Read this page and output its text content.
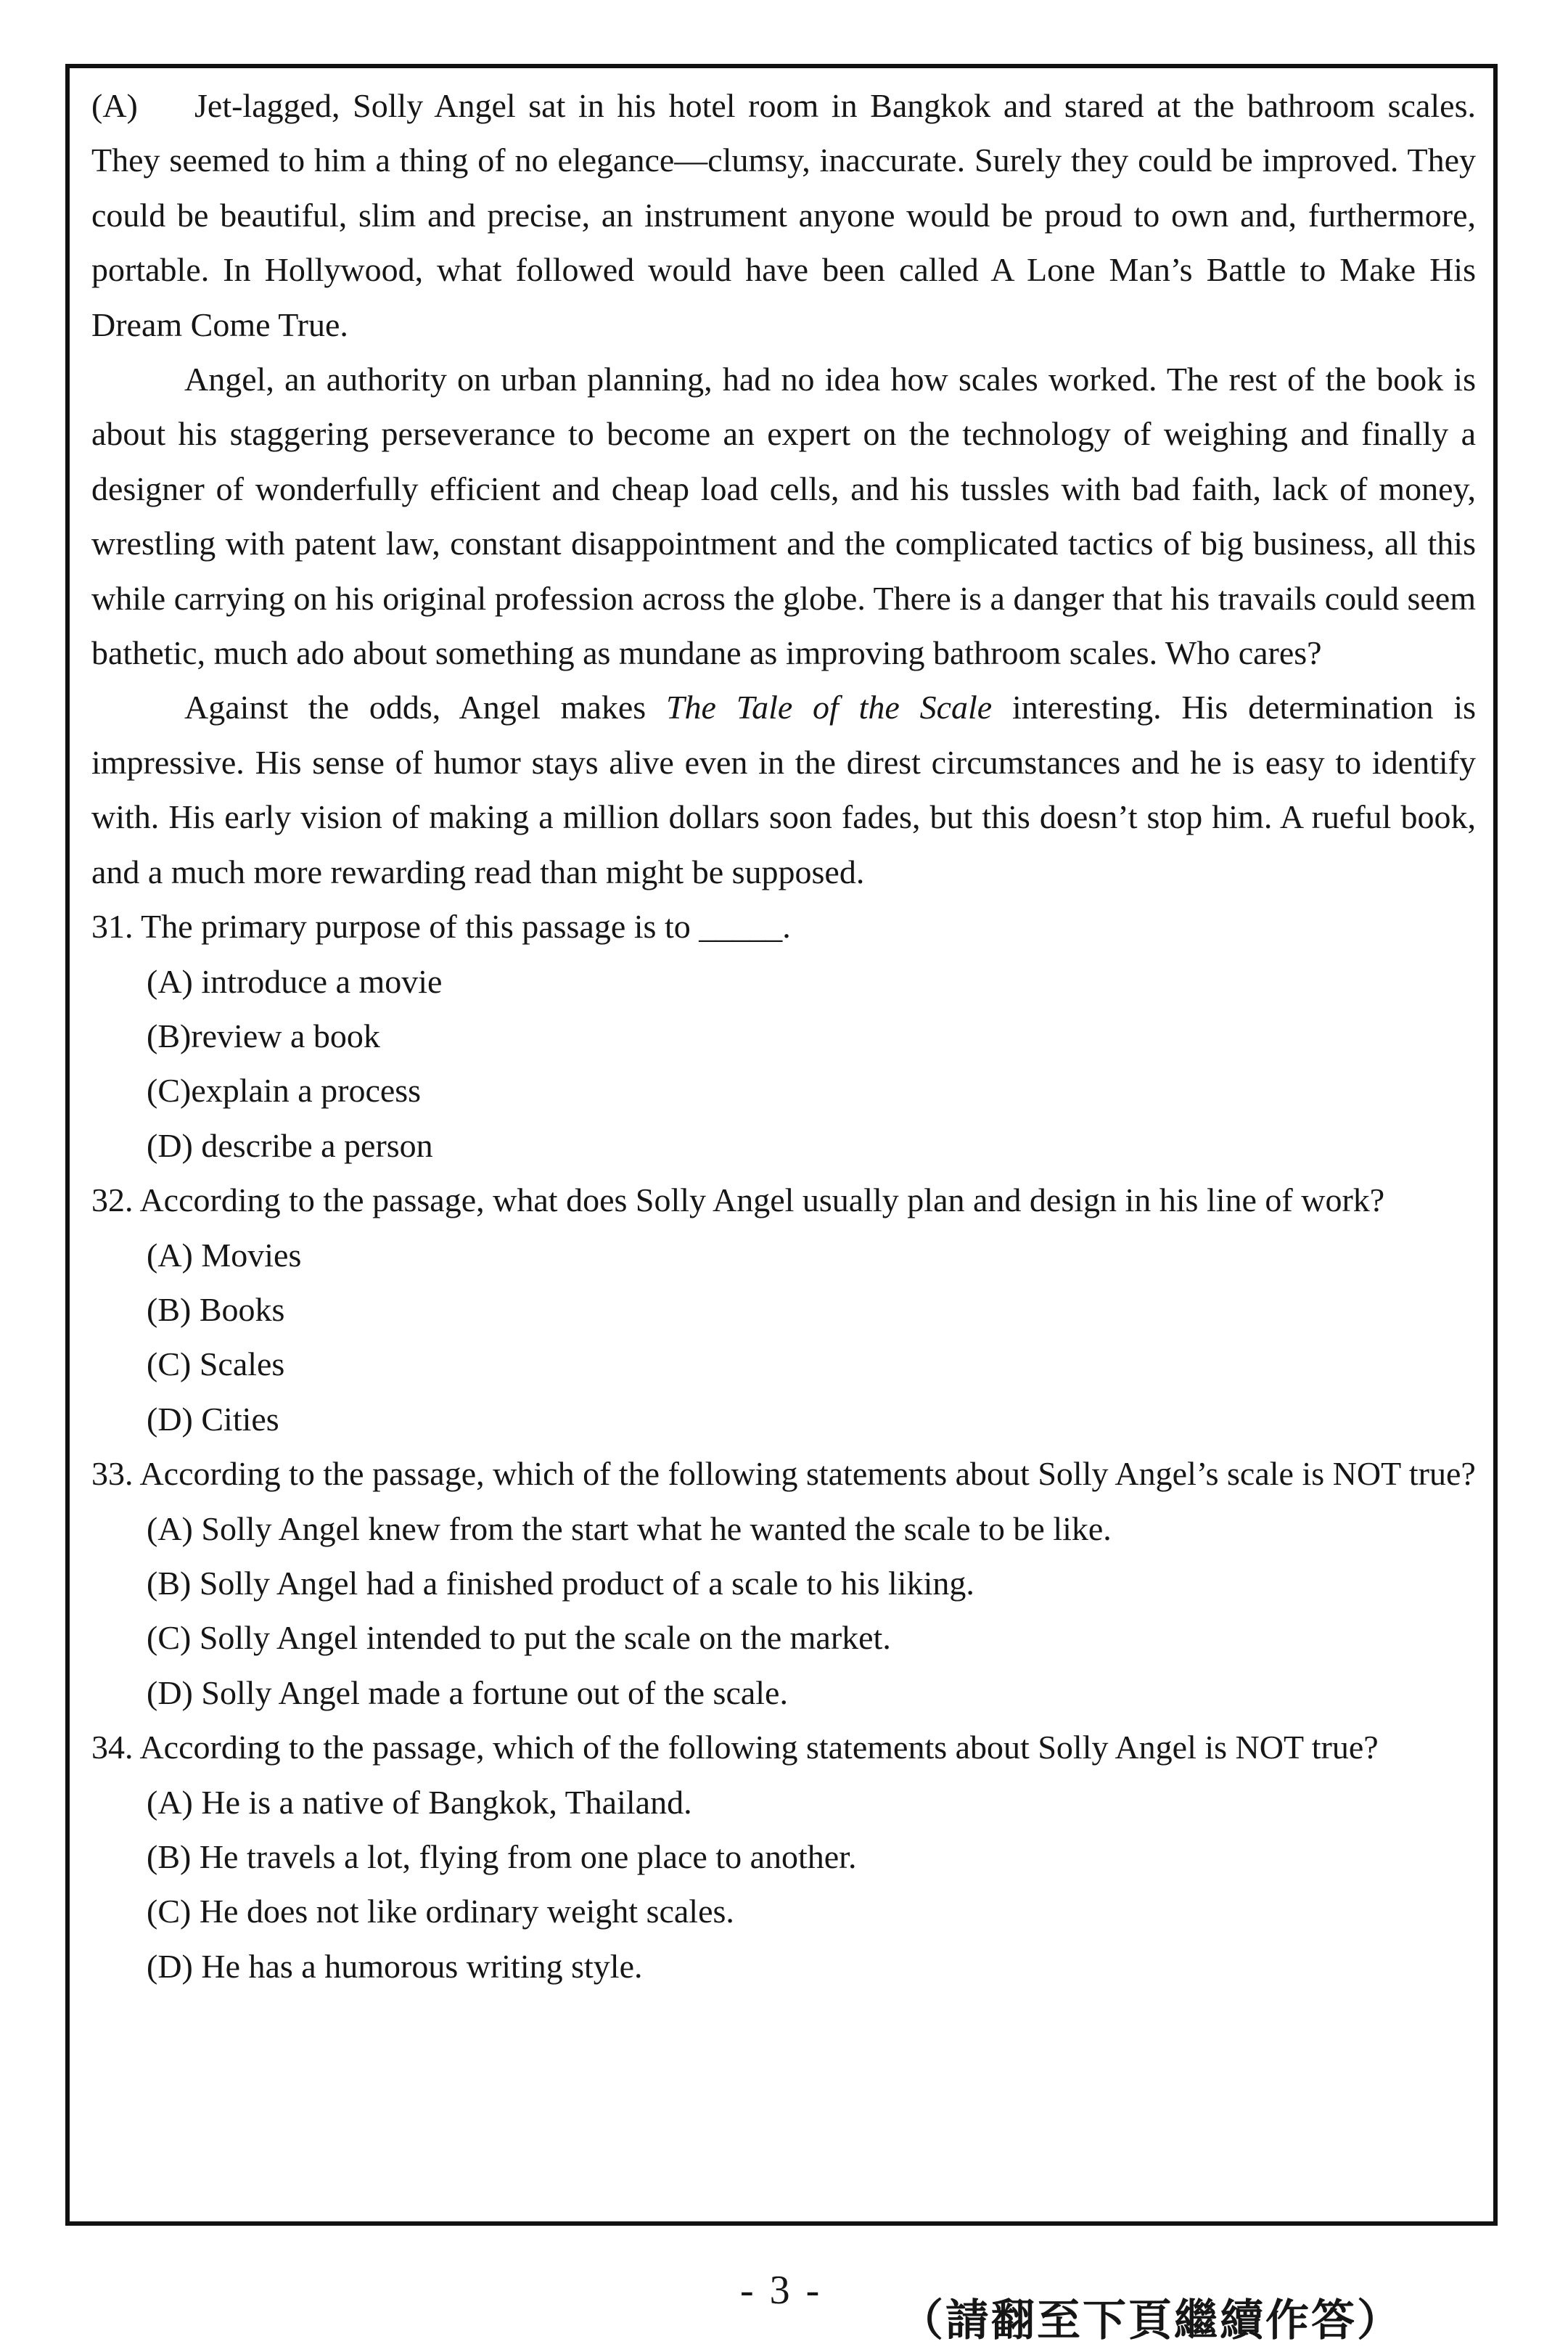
(A) Jet-lagged, Solly Angel sat in his hotel room in Bangkok and stared at the bathroom scales. They seemed to him a thing of no elegance—clumsy, inaccurate. Surely they could be improved. They could be beautiful, slim and precise, an instrument anyone would be proud to own and, furthermore, portable. In Hollywood, what followed would have been called A Lone Man’s Battle to Make His Dream Come True.

Angel, an authority on urban planning, had no idea how scales worked. The rest of the book is about his staggering perseverance to become an expert on the technology of weighing and finally a designer of wonderfully efficient and cheap load cells, and his tussles with bad faith, lack of money, wrestling with patent law, constant disappointment and the complicated tactics of big business, all this while carrying on his original profession across the globe. There is a danger that his travails could seem bathetic, much ado about something as mundane as improving bathroom scales. Who cares?

Against the odds, Angel makes The Tale of the Scale interesting. His determination is impressive. His sense of humor stays alive even in the direst circumstances and he is easy to identify with. His early vision of making a million dollars soon fades, but this doesn’t stop him. A rueful book, and a much more rewarding read than might be supposed.

31. The primary purpose of this passage is to _____.

(A) introduce a movie
(B)review a book
(C)explain a process
(D) describe a person

32. According to the passage, what does Solly Angel usually plan and design in his line of work?

(A) Movies
(B) Books
(C) Scales
(D) Cities

33. According to the passage, which of the following statements about Solly Angel’s scale is NOT true?

(A) Solly Angel knew from the start what he wanted the scale to be like.
(B) Solly Angel had a finished product of a scale to his liking.
(C) Solly Angel intended to put the scale on the market.
(D) Solly Angel made a fortune out of the scale.

34. According to the passage, which of the following statements about Solly Angel is NOT true?

(A) He is a native of Bangkok, Thailand.
(B) He travels a lot, flying from one place to another.
(C) He does not like ordinary weight scales.
(D) He has a humorous writing style.
- 3 -
（請翻至下頁繼續作答）
